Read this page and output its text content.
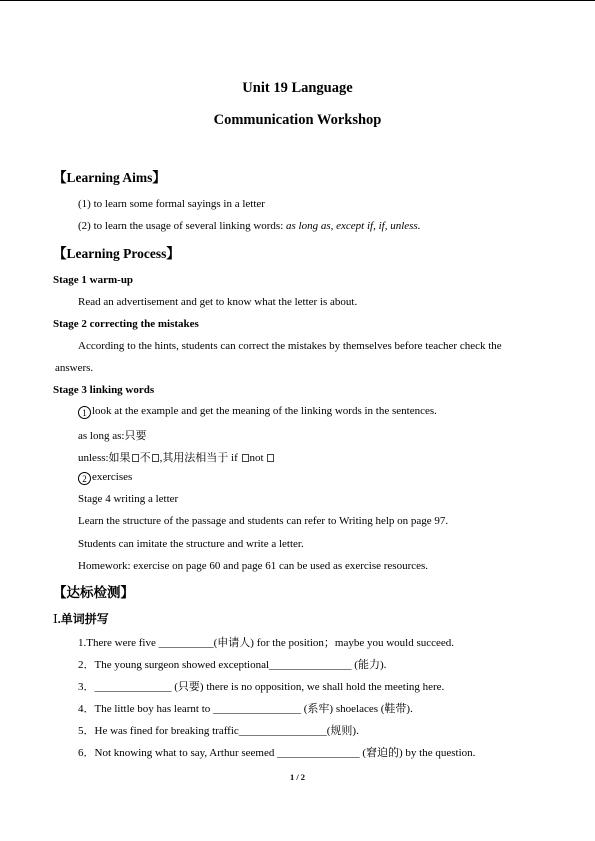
Unit 19 Language
Communication Workshop
【Learning Aims】
(1) to learn some formal sayings in a letter
(2) to learn the usage of several linking words: as long as, except if, if, unless.
【Learning Process】
Stage 1 warm-up
Read an advertisement and get to know what the letter is about.
Stage 2 correcting the mistakes
According to the hints, students can correct the mistakes by themselves before teacher check the answers.
Stage 3 linking words
1 look at the example and get the meaning of the linking words in the sentences.
as long as:只要
unless:如果 不 ,其用法相当于 if not
2 exercises
Stage 4 writing a letter
Learn the structure of the passage and students can refer to Writing help on page 97.
Students can imitate the structure and write a letter.
Homework: exercise on page 60 and page 61 can be used as exercise resources.
【达标检测】
Ⅰ.单词拼写
1.There were five __________(申请人) for the position；maybe you would succeed.
2．The young surgeon showed exceptional_______________ (能力).
3．______________ (只要) there is no opposition, we shall hold the meeting here.
4．The little boy has learnt to ________________ (系牢) shoelaces (鞋带).
5．He was fined for breaking traffic________________(规则).
6．Not knowing what to say, Arthur seemed _______________ (窘迫的) by the question.
1 / 2
